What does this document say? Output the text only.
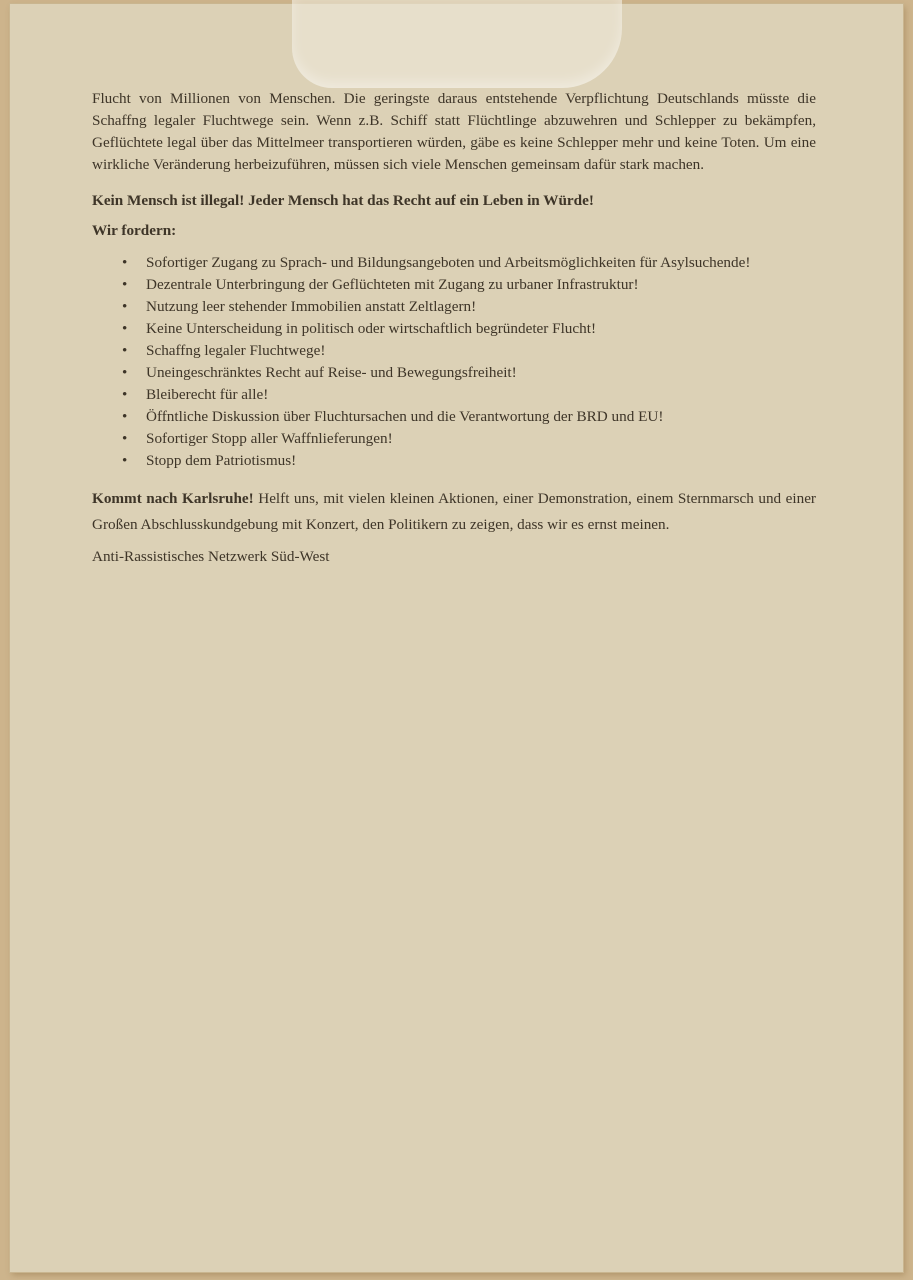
Flucht von Millionen von Menschen. Die geringste daraus entstehende Verpflichtung Deutschlands müsste die Schaffng legaler Fluchtwege sein. Wenn z.B. Schiff statt Flüchtlinge abzuwehren und Schlepper zu bekämpfen, Geflüchtete legal über das Mittelmeer transportieren würden, gäbe es keine Schlepper mehr und keine Toten. Um eine wirkliche Veränderung herbeizuführen, müssen sich viele Menschen gemeinsam dafür stark machen.

Kein Mensch ist illegal! Jeder Mensch hat das Recht auf ein Leben in Würde!

Wir fordern:

• Sofortiger Zugang zu Sprach- und Bildungsangeboten und Arbeitsmöglichkeiten für Asylsuchende!
• Dezentrale Unterbringung der Geflüchteten mit Zugang zu urbaner Infrastruktur!
• Nutzung leer stehender Immobilien anstatt Zeltlagern!
• Keine Unterscheidung in politisch oder wirtschaftlich begründeter Flucht!
• Schaffng legaler Fluchtwege!
• Uneingeschränktes Recht auf Reise- und Bewegungsfreiheit!
• Bleiberecht für alle!
• Öffntliche Diskussion über Fluchtursachen und die Verantwortung der BRD und EU!
• Sofortiger Stopp aller Waffnlieferungen!
• Stopp dem Patriotismus!

Kommt nach Karlsruhe! Helft uns, mit vielen kleinen Aktionen, einer Demonstration, einem Sternmarsch und einer Großen Abschlusskundgebung mit Konzert, den Politikern zu zeigen, dass wir es ernst meinen.

Anti-Rassistisches Netzwerk Süd-West
